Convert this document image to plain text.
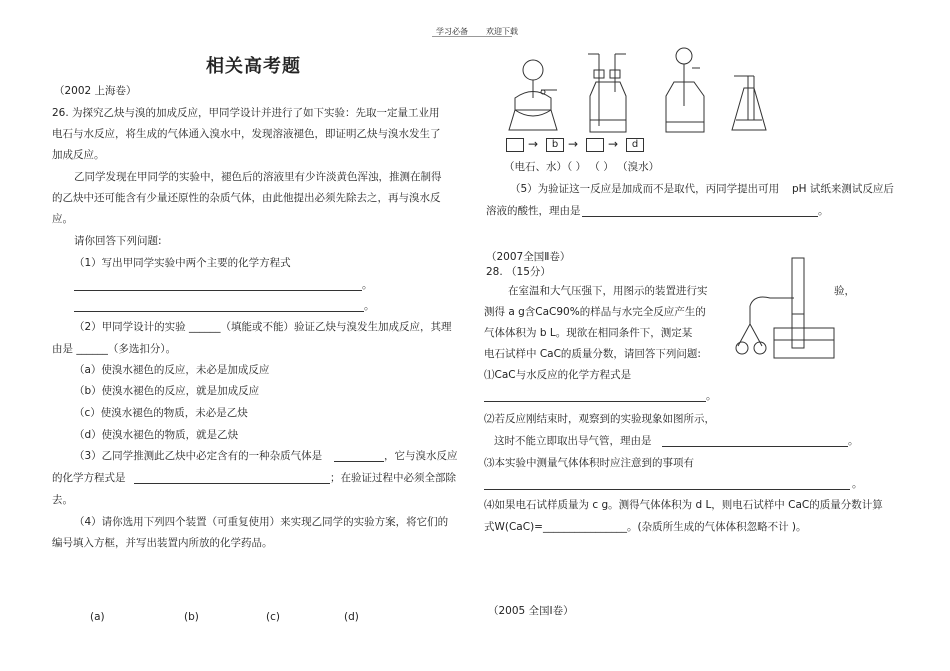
学习必备 欢迎下载
相关高考题
（2002 上海卷）
26. 为探究乙炔与溴的加成反应，甲同学设计并进行了如下实验：先取一定量工业用
电石与水反应，将生成的气体通入溴水中，发现溶液褪色，即证明乙炔与溴水发生了
加成反应。
乙同学发现在甲同学的实验中，褪色后的溶液里有少许淡黄色浑浊，推测在制得
的乙炔中还可能含有少量还原性的杂质气体，由此他提出必须先除去之，再与溴水反
应。
请你回答下列问题:
（1）写出甲同学实验中两个主要的化学方程式
。
。
（2）甲同学设计的实验 ______（填能或不能）验证乙炔与溴发生加成反应，其理
由是 ______（多选扣分）。
（a）使溴水褪色的反应，未必是加成反应
（b）使溴水褪色的反应，就是加成反应
（c）使溴水褪色的物质，未必是乙炔
（d）使溴水褪色的物质，就是乙炔
（3）乙同学推测此乙炔中必定含有的一种杂质气体是	，它与溴水反应
的化学方程式是	；在验证过程中必须全部除
去。
（4）请你选用下列四个装置（可重复使用）来实现乙同学的实验方案，将它们的
编号填入方框，并写出装置内所放的化学药品。
(a)	(b)	(c)	(d)
→	b → →	d
（电石、水）（ ） （ ） （溴水）
（5）为验证这一反应是加成而不是取代，丙同学提出可用 pH 试纸来测试反应后
溶液的酸性，理由是	。
（2007全国Ⅱ卷）
28. （15分）
在室温和大气压强下，用图示的装置进行实	验，
测得 a g含CaC90%的样品与水完全反应产生的
气体体积为 b L。现欲在相同条件下，测定某
电石试样中 CaC的质量分数，请回答下列问题:
⑴CaC与水反应的化学方程式是
。
⑵若反应刚结束时，观察到的实验现象如图所示，
这时不能立即取出导气管，理由是	。
⑶本实验中测量气体体积时应注意到的事项有
。
⑷如果电石试样质量为 c g。测得气体体积为 d L，则电石试样中 CaC的质量分数计算
式W(CaC)=________________。(杂质所生成的气体体积忽略不计 )。
（2005 全国Ⅰ卷）
